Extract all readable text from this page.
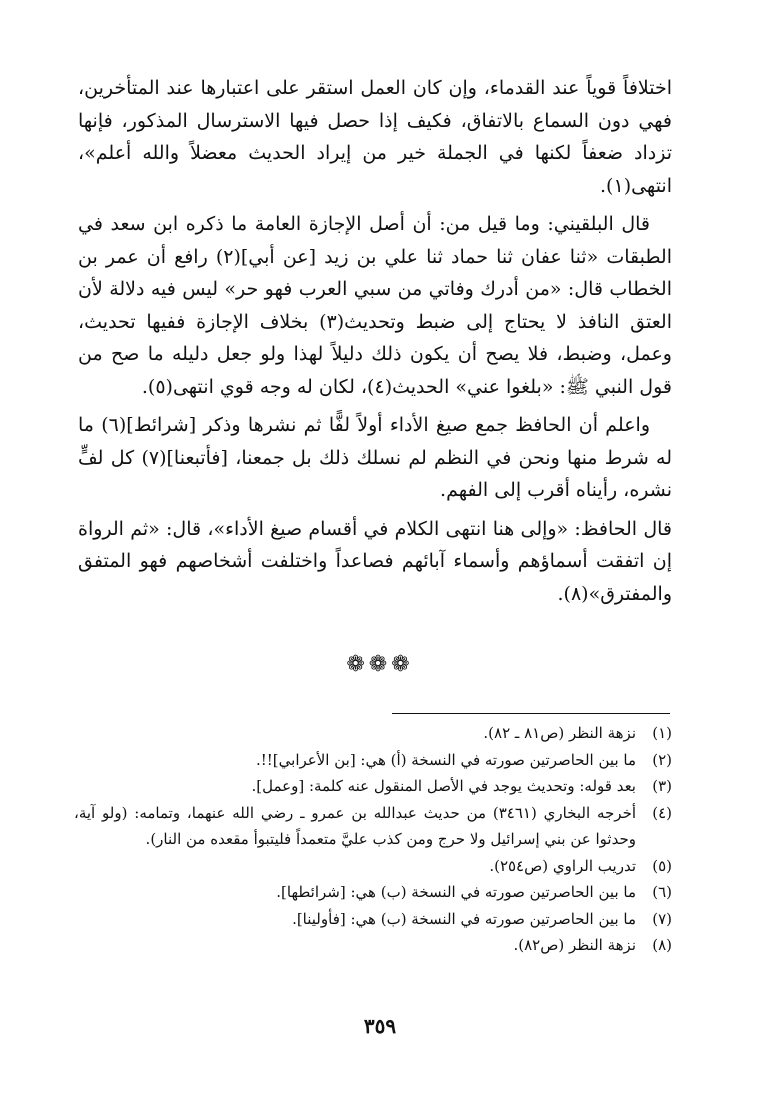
اختلافاً قوياً عند القدماء، وإن كان العمل استقر على اعتبارها عند المتأخرين، فهي دون السماع بالاتفاق، فكيف إذا حصل فيها الاسترسال المذكور، فإنها تزداد ضعفاً لكنها في الجملة خير من إيراد الحديث معضلاً والله أعلم»، انتهى(١).

قال البلقيني: وما قيل من: أن أصل الإجازة العامة ما ذكره ابن سعد في الطبقات «ثنا عفان ثنا حماد ثنا علي بن زيد [عن أبي](٢) رافع أن عمر بن الخطاب قال: «من أدرك وفاتي من سبي العرب فهو حر» ليس فيه دلالة لأن العتق النافذ لا يحتاج إلى ضبط وتحديث(٣) بخلاف الإجازة ففيها تحديث، وعمل، وضبط، فلا يصح أن يكون ذلك دليلاً لهذا ولو جعل دليله ما صح من قول النبي ﷺ: «بلغوا عني» الحديث(٤)، لكان له وجه قوي انتهى(٥).

واعلم أن الحافظ جمع صيغ الأداء أولاً لفًّا ثم نشرها وذكر [شرائط](٦) ما له شرط منها ونحن في النظم لم نسلك ذلك بل جمعنا، [فأتبعنا](٧) كل لفٍّ نشره، رأيناه أقرب إلى الفهم.

قال الحافظ: «وإلى هنا انتهى الكلام في أقسام صيغ الأداء»، قال: «ثم الرواة إن اتفقت أسماؤهم وأسماء آبائهم فصاعداً واختلفت أشخاصهم فهو المتفق والمفترق»(٨).

❁❁❁
(١)
نزهة النظر (ص٨١ ـ ٨٢).
(٢)
ما بين الحاصرتين صورته في النسخة (أ) هي: [بن الأعرابي]!!.
(٣)
بعد قوله: وتحديث يوجد في الأصل المنقول عنه كلمة: [وعمل].
(٤)
أخرجه البخاري (٣٤٦١) من حديث عبدالله بن عمرو ـ رضي الله عنهما، وتمامه: (ولو آية، وحدثوا عن بني إسرائيل ولا حرج ومن كذب عليَّ متعمداً فليتبوأ مقعده من النار).
(٥)
تدريب الراوي (ص٢٥٤).
(٦)
ما بين الحاصرتين صورته في النسخة (ب) هي: [شرائطها].
(٧)
ما بين الحاصرتين صورته في النسخة (ب) هي: [فأولينا].
(٨)
نزهة النظر (ص٨٢).
٣٥٩
